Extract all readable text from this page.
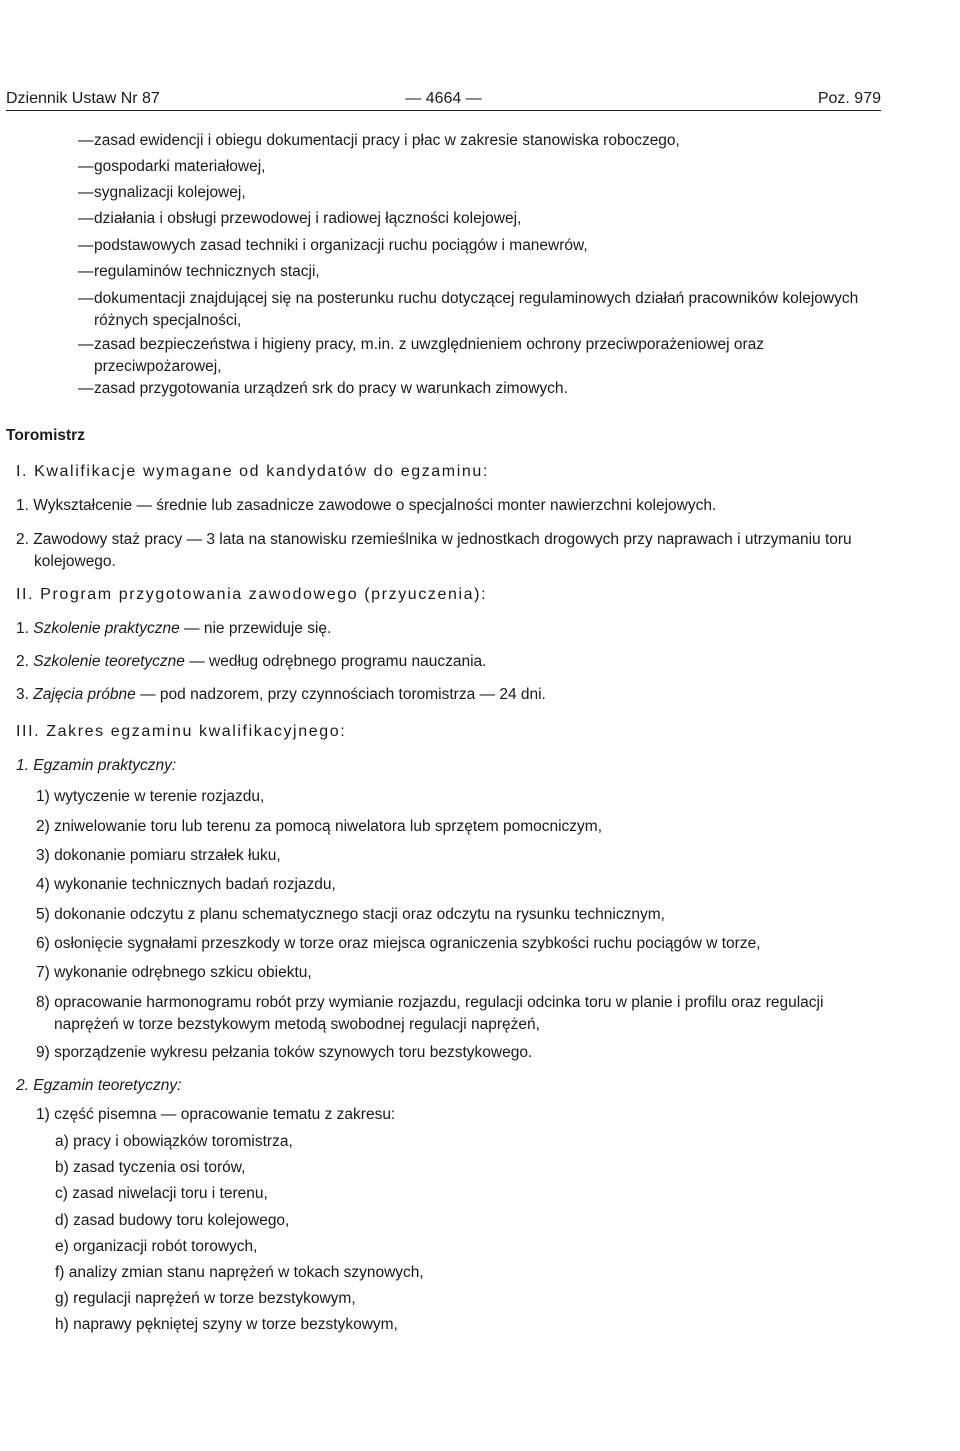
Dziennik Ustaw Nr 87	— 4664 —	Poz. 979
— zasad ewidencji i obiegu dokumentacji pracy i płac w zakresie stanowiska roboczego,
— gospodarki materiałowej,
— sygnalizacji kolejowej,
— działania i obsługi przewodowej i radiowej łączności kolejowej,
— podstawowych zasad techniki i organizacji ruchu pociągów i manewrów,
— regulaminów technicznych stacji,
— dokumentacji znajdującej się na posterunku ruchu dotyczącej regulaminowych działań pracowników kolejowych różnych specjalności,
— zasad bezpieczeństwa i higieny pracy, m.in. z uwzględnieniem ochrony przeciwporażeniowej oraz przeciwpożarowej,
— zasad przygotowania urządzeń srk do pracy w warunkach zimowych.
Toromistrz
I. Kwalifikacje wymagane od kandydatów do egzaminu:
1. Wykształcenie — średnie lub zasadnicze zawodowe o specjalności monter nawierzchni kolejowych.
2. Zawodowy staż pracy — 3 lata na stanowisku rzemieślnika w jednostkach drogowych przy naprawach i utrzymaniu toru kolejowego.
II. Program przygotowania zawodowego (przyuczenia):
1. Szkolenie praktyczne — nie przewiduje się.
2. Szkolenie teoretyczne — według odrębnego programu nauczania.
3. Zajęcia próbne — pod nadzorem, przy czynnościach toromistrza — 24 dni.
III. Zakres egzaminu kwalifikacyjnego:
1. Egzamin praktyczny:
1) wytyczenie w terenie rozjazdu,
2) zniwelowanie toru lub terenu za pomocą niwelatora lub sprzętem pomocniczym,
3) dokonanie pomiaru strzałek łuku,
4) wykonanie technicznych badań rozjazdu,
5) dokonanie odczytu z planu schematycznego stacji oraz odczytu na rysunku technicznym,
6) osłonięcie sygnałami przeszkody w torze oraz miejsca ograniczenia szybkości ruchu pociągów w torze,
7) wykonanie odrębnego szkicu obiektu,
8) opracowanie harmonogramu robót przy wymianie rozjazdu, regulacji odcinka toru w planie i profilu oraz regulacji naprężeń w torze bezstykowym metodą swobodnej regulacji naprężeń,
9) sporządzenie wykresu pełzania toków szynowych toru bezstykowego.
2. Egzamin teoretyczny:
1) część pisemna — opracowanie tematu z zakresu:
a) pracy i obowiązków toromistrza,
b) zasad tyczenia osi torów,
c) zasad niwelacji toru i terenu,
d) zasad budowy toru kolejowego,
e) organizacji robót torowych,
f) analizy zmian stanu naprężeń w tokach szynowych,
g) regulacji naprężeń w torze bezstykowym,
h) naprawy pękniętej szyny w torze bezstykowym,
